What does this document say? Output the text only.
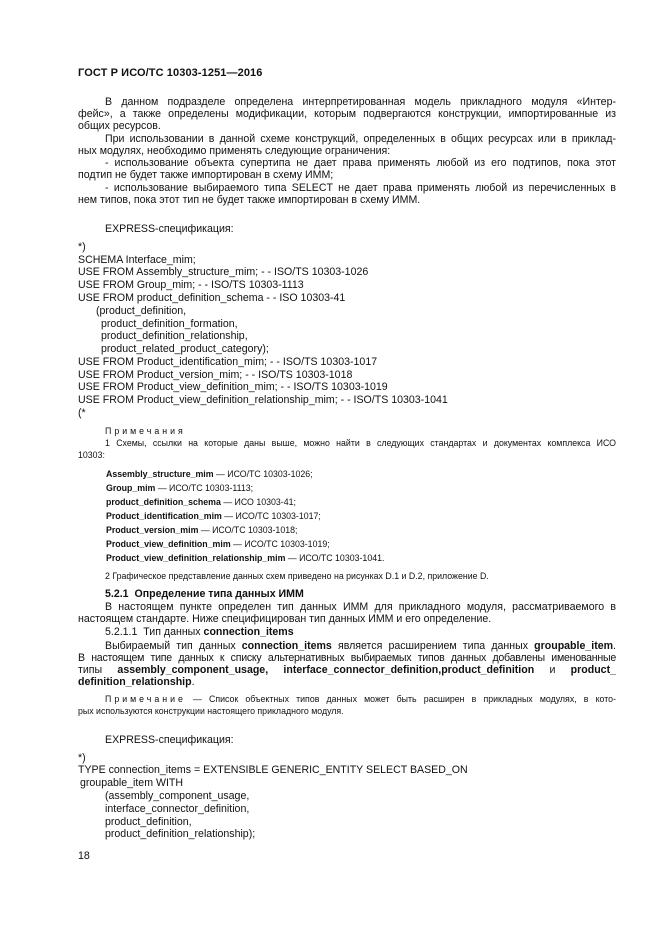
ГОСТ Р ИСО/ТС 10303-1251—2016
В данном подразделе определена интерпретированная модель прикладного модуля «Интер-
фейс», а также определены модификации, которым подвергаются конструкции, импортированные из
общих ресурсов.
При использовании в данной схеме конструкций, определенных в общих ресурсах или в приклад-
ных модулях, необходимо применять следующие ограничения:
- использование объекта супертипа не дает права применять любой из его подтипов, пока этот
подтип не будет также импортирован в схему ИММ;
- использование выбираемого типа SELECT не дает права применять любой из перечисленных в
нем типов, пока этот тип не будет также импортирован в схему ИММ.
EXPRESS-спецификация:
*)
SCHEMA Interface_mim;
USE FROM Assembly_structure_mim; - - ISO/TS 10303-1026
USE FROM Group_mim; - - ISO/TS 10303-1113
USE FROM product_definition_schema - - ISO 10303-41
(product_definition,
product_definition_formation,
product_definition_relationship,
product_related_product_category);
USE FROM Product_identification_mim; - - ISO/TS 10303-1017
USE FROM Product_version_mim; - - ISO/TS 10303-1018
USE FROM Product_view_definition_mim; - - ISO/TS 10303-1019
USE FROM Product_view_definition_relationship_mim; - - ISO/TS 10303-1041
(*
Примечания
1 Схемы, ссылки на которые даны выше, можно найти в следующих стандартах и документах комплекса ИСО
10303:
Assembly_structure_mim — ИСО/ТС 10303-1026;
Group_mim — ИСО/ТС 10303-1113;
product_definition_schema — ИСО 10303-41;
Product_identification_mim — ИСО/ТС 10303-1017;
Product_version_mim — ИСО/ТС 10303-1018;
Product_view_definition_mim — ИСО/ТС 10303-1019;
Product_view_definition_relationship_mim — ИСО/ТС 10303-1041.
2 Графическое представление данных схем приведено на рисунках D.1 и D.2, приложение D.
5.2.1 Определение типа данных ИММ
В настоящем пункте определен тип данных ИММ для прикладного модуля, рассматриваемого в
настоящем стандарте. Ниже специфицирован тип данных ИММ и его определение.
5.2.1.1 Тип данных connection_items
Выбираемый тип данных connection_items является расширением типа данных groupable_item.
В настоящем типе данных к списку альтернативных выбираемых типов данных добавлены именованные
типы assembly_component_usage, interface_connector_definition,product_definition и product_
definition_relationship.
Примечание — Список объектных типов данных может быть расширен в прикладных модулях, в кото-
рых используются конструкции настоящего прикладного модуля.
EXPRESS-спецификация:
*)
TYPE connection_items = EXTENSIBLE GENERIC_ENTITY SELECT BASED_ON
groupable_item WITH
(assembly_component_usage,
interface_connector_definition,
product_definition,
product_definition_relationship);
18
